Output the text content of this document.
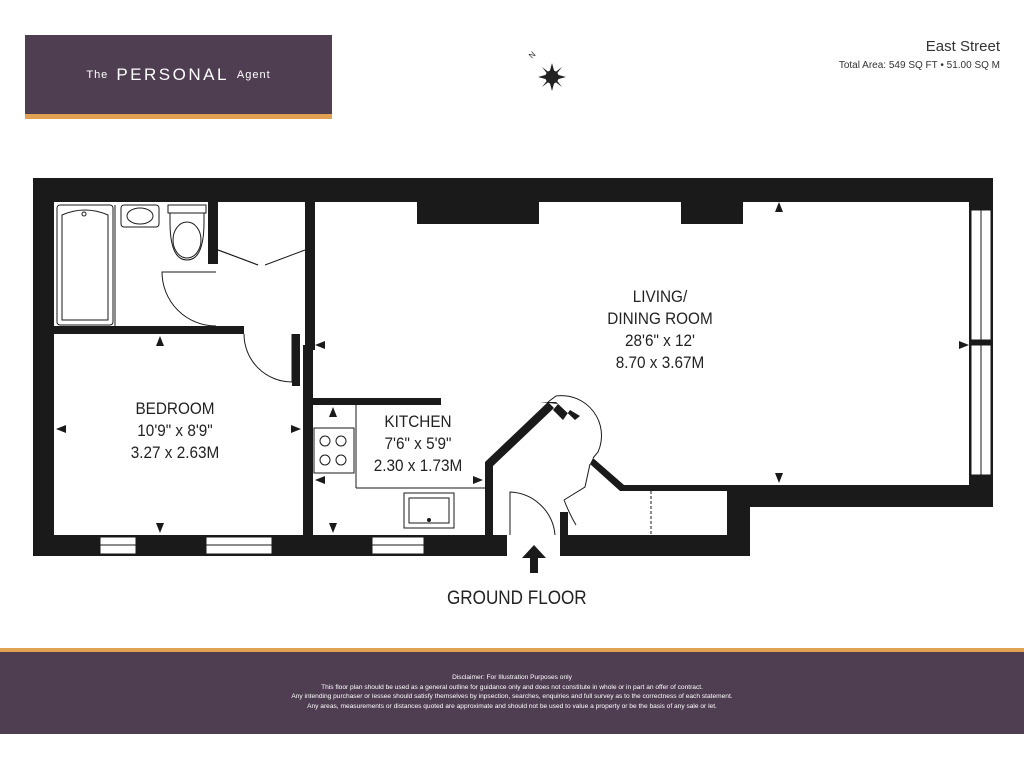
The PERSONAL Agent
N
East Street
Total Area: 549 SQ FT • 51.00 SQ M
LIVING/
DINING ROOM
28'6" x 12'
8.70 x 3.67M
BEDROOM
10'9" x 8'9"
3.27 x 2.63M
KITCHEN
7'6" x 5'9"
2.30 x 1.73M
GROUND FLOOR
Disclaimer: For Illustration Purposes only
This floor plan should be used as a general outline for guidance only and does not constitute in whole or in part an offer of contract.
Any intending purchaser or lessee should satisfy themselves by inpsection, searches, enquiries and full survey as to the correctness of each statement.
Any areas, measurements or distances quoted are approximate and should not be used to value a property or be the basis of any sale or let.
